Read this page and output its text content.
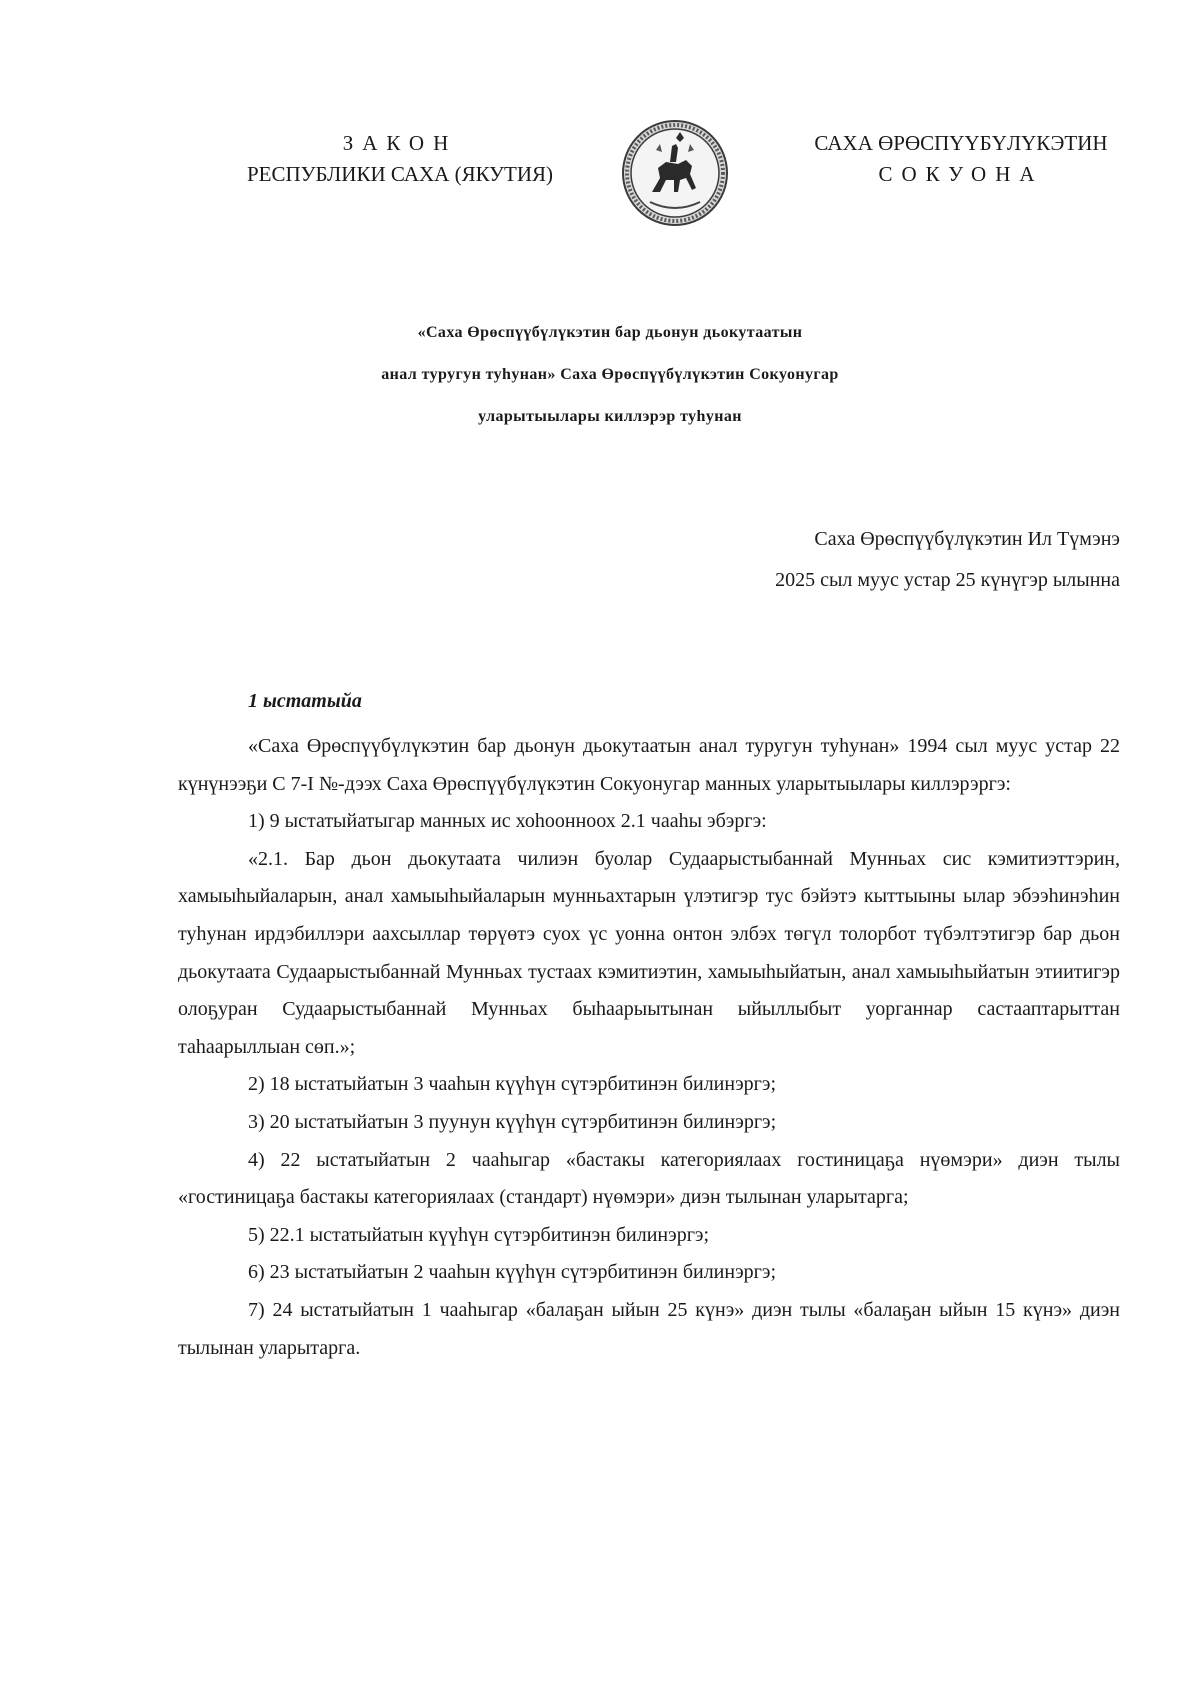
ЗАКОН
РЕСПУБЛИКИ САХА (ЯКУТИЯ)
САХА ӨРӨСПҮҮБҮЛҮКЭТИН
СОКУОНА
«Саха Өрөспүүбүлүкэтин бар дьонун дьокутаатын
анал туругун туһунан» Саха Өрөспүүбүлүкэтин Сокуонугар
уларытыылары киллэрэр туһунан
Саха Өрөспүүбүлүкэтин Ил Түмэнэ
2025 сыл муус устар 25 күнүгэр ылынна
1 ыстатыйа

«Саха Өрөспүүбүлүкэтин бар дьонун дьокутаатын анал туругун туһунан» 1994 сыл муус устар 22 күнүнээҕи С 7-I №-дээх Саха Өрөспүүбүлүкэтин Сокуонугар манных уларытыылары киллэрэргэ:

1) 9 ыстатыйатыгар манных ис хоһоонноох 2.1 чааһы эбэргэ:

«2.1. Бар дьон дьокутаата чилиэн буолар Судаарыстыбаннай Мунньах сис кэмитиэттэрин, хамыыһыйаларын, анал хамыыһыйаларын мунньахтарын үлэтигэр тус бэйэтэ кыттыыны ылар эбээһинэһин туһунан ирдэбиллэри аахсыллар төрүөтэ суох үс уонна онтон элбэх төгүл толорбот түбэлтэтигэр бар дьон дьокутаата Судаарыстыбаннай Мунньах тустаах кэмитиэтин, хамыыһыйатын, анал хамыыһыйатын этиитигэр олоҕуран Судаарыстыбаннай Мунньах быһаарыытынан ыйыллыбыт уорганнар састааптарыттан таһаарыллыан сөп.»;

2) 18 ыстатыйатын 3 чааһын күүһүн сүтэрбитинэн билинэргэ;

3) 20 ыстатыйатын 3 пуунун күүһүн сүтэрбитинэн билинэргэ;

4) 22 ыстатыйатын 2 чааһыгар «бастакы категориялаах гостиницаҕа нүөмэри» диэн тылы «гостиницаҕа бастакы категориялаах (стандарт) нүөмэри» диэн тылынан уларытарга;

5) 22.1 ыстатыйатын күүһүн сүтэрбитинэн билинэргэ;

6) 23 ыстатыйатын 2 чааһын күүһүн сүтэрбитинэн билинэргэ;

7) 24 ыстатыйатын 1 чааһыгар «балаҕан ыйын 25 күнэ» диэн тылы «балаҕан ыйын 15 күнэ» диэн тылынан уларытарга.
